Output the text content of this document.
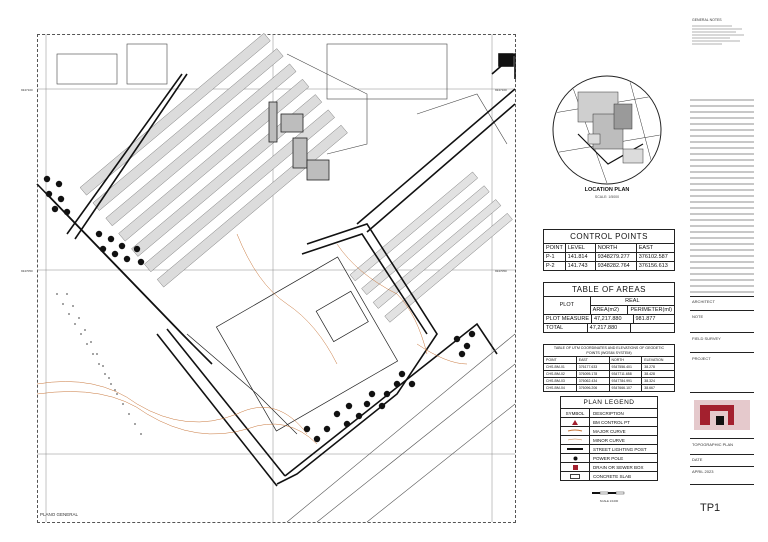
9347100	9347100
9347050	9347050
PLANO GENERAL
LOCATION PLAN
SCALE: 1/5000
CONTROL POINTS
POINT LEVEL	NORTH	EAST
P-1	141.814	9348279.277	376102.587
P-2	141.743	9348282.764	376156.613
TABLE OF AREAS
PLOT
REAL
AREA(m2)	PERIMETER(ml)
PLOT MEASURE 47,217.880	981.877
TOTAL	47,217.880
TABLE OF UTM COORDINATES AND ELEVATIONS OF GEODETIC POINTS (WGS84 SYSTEM)
POINT	EAST	NORTH	ELEVATION
CHS-BM-01	376177.633	9347556.401	38.278
CHS-BM-02	376095.178	9347711.658	38.428
CHS-BM-03	376062.434	9347784.991	38.324
CHS-BM-04	376096.206	9347666.107	38.667
PLAN LEGEND
SYMBOL	DESCRIPTION
BM CONTROL PT
MAJOR CURVE
MINOR CURVE
STREET LIGHTING POST
POWER POLE
DRAIN OR SEWER BOX
CONCRETE SLAB
SCALE 1/1000
GENERAL NOTES
ARCHITECT
NOTE
FIELD SURVEY
PROJECT
TOPOGRAPHIC PLAN
DATE
APRIL 2023
TP1
